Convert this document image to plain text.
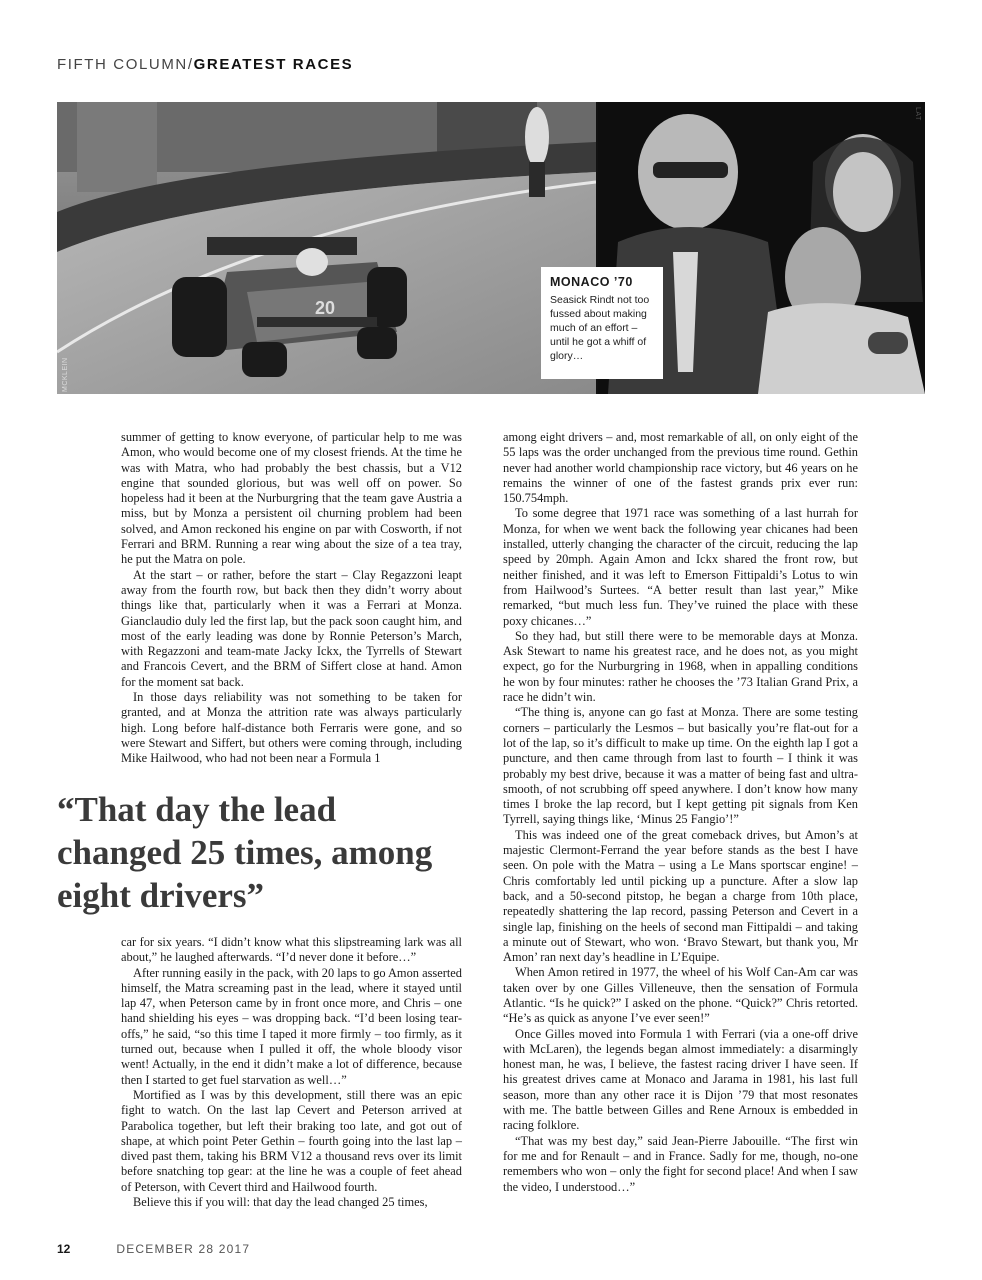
FIFTH COLUMN/GREATEST RACES
20
MCKLEIN
LAT
MONACO ’70
Seasick Rindt not too fussed about making much of an effort – until he got a whiff of glory…

summer of getting to know everyone, of particular help to me was Amon, who would become one of my closest friends. At the time he was with Matra, who had probably the best chassis, but a V12 engine that sounded glorious, but was well off on power. So hopeless had it been at the Nurburgring that the team gave Austria a miss, but by Monza a persistent oil churning problem had been solved, and Amon reckoned his engine on par with Cosworth, if not Ferrari and BRM. Running a rear wing about the size of a tea tray, he put the Matra on pole.

At the start – or rather, before the start – Clay Regazzoni leapt away from the fourth row, but back then they didn’t worry about things like that, particularly when it was a Ferrari at Monza. Gianclaudio duly led the first lap, but the pack soon caught him, and most of the early leading was done by Ronnie Peterson’s March, with Regazzoni and team-mate Jacky Ickx, the Tyrrells of Stewart and Francois Cevert, and the BRM of Siffert close at hand. Amon for the moment sat back.

In those days reliability was not something to be taken for granted, and at Monza the attrition rate was always particularly high. Long before half-distance both Ferraris were gone, and so were Stewart and Siffert, but others were coming through, including Mike Hailwood, who had not been near a Formula 1

“That day the lead changed 25 times, among eight drivers”

car for six years. “I didn’t know what this slipstreaming lark was all about,” he laughed afterwards. “I’d never done it before…”

After running easily in the pack, with 20 laps to go Amon asserted himself, the Matra screaming past in the lead, where it stayed until lap 47, when Peterson came by in front once more, and Chris – one hand shielding his eyes – was dropping back. “I’d been losing tear-offs,” he said, “so this time I taped it more firmly – too firmly, as it turned out, because when I pulled it off, the whole bloody visor went! Actually, in the end it didn’t make a lot of difference, because then I started to get fuel starvation as well…”

Mortified as I was by this development, still there was an epic fight to watch. On the last lap Cevert and Peterson arrived at Parabolica together, but left their braking too late, and got out of shape, at which point Peter Gethin – fourth going into the last lap – dived past them, taking his BRM V12 a thousand revs over its limit before snatching top gear: at the line he was a couple of feet ahead of Peterson, with Cevert third and Hailwood fourth.

Believe this if you will: that day the lead changed 25 times,

among eight drivers – and, most remarkable of all, on only eight of the 55 laps was the order unchanged from the previous time round. Gethin never had another world championship race victory, but 46 years on he remains the winner of one of the fastest grands prix ever run: 150.754mph.

To some degree that 1971 race was something of a last hurrah for Monza, for when we went back the following year chicanes had been installed, utterly changing the character of the circuit, reducing the lap speed by 20mph. Again Amon and Ickx shared the front row, but neither finished, and it was left to Emerson Fittipaldi’s Lotus to win from Hailwood’s Surtees. “A better result than last year,” Mike remarked, “but much less fun. They’ve ruined the place with these poxy chicanes…”

So they had, but still there were to be memorable days at Monza. Ask Stewart to name his greatest race, and he does not, as you might expect, go for the Nurburgring in 1968, when in appalling conditions he won by four minutes: rather he chooses the ’73 Italian Grand Prix, a race he didn’t win.

“The thing is, anyone can go fast at Monza. There are some testing corners – particularly the Lesmos – but basically you’re flat-out for a lot of the lap, so it’s difficult to make up time. On the eighth lap I got a puncture, and then came through from last to fourth – I think it was probably my best drive, because it was a matter of being fast and ultra-smooth, of not scrubbing off speed anywhere. I don’t know how many times I broke the lap record, but I kept getting pit signals from Ken Tyrrell, saying things like, ‘Minus 25 Fangio’!”

This was indeed one of the great comeback drives, but Amon’s at majestic Clermont-Ferrand the year before stands as the best I have seen. On pole with the Matra – using a Le Mans sportscar engine! – Chris comfortably led until picking up a puncture. After a slow lap back, and a 50-second pitstop, he began a charge from 10th place, repeatedly shattering the lap record, passing Peterson and Cevert in a single lap, finishing on the heels of second man Fittipaldi – and taking a minute out of Stewart, who won. ‘Bravo Stewart, but thank you, Mr Amon’ ran next day’s headline in L’Equipe.

When Amon retired in 1977, the wheel of his Wolf Can-Am car was taken over by one Gilles Villeneuve, then the sensation of Formula Atlantic. “Is he quick?” I asked on the phone. “Quick?” Chris retorted. “He’s as quick as anyone I’ve ever seen!”

Once Gilles moved into Formula 1 with Ferrari (via a one-off drive with McLaren), the legends began almost immediately: a disarmingly honest man, he was, I believe, the fastest racing driver I have seen. If his greatest drives came at Monaco and Jarama in 1981, his last full season, more than any other race it is Dijon ’79 that most resonates with me. The battle between Gilles and Rene Arnoux is embedded in racing folklore.

“That was my best day,” said Jean-Pierre Jabouille. “The first win for me and for Renault – and in France. Sadly for me, though, no-one remembers who won – only the fight for second place! And when I saw the video, I understood…”

12	DECEMBER 28 2017
